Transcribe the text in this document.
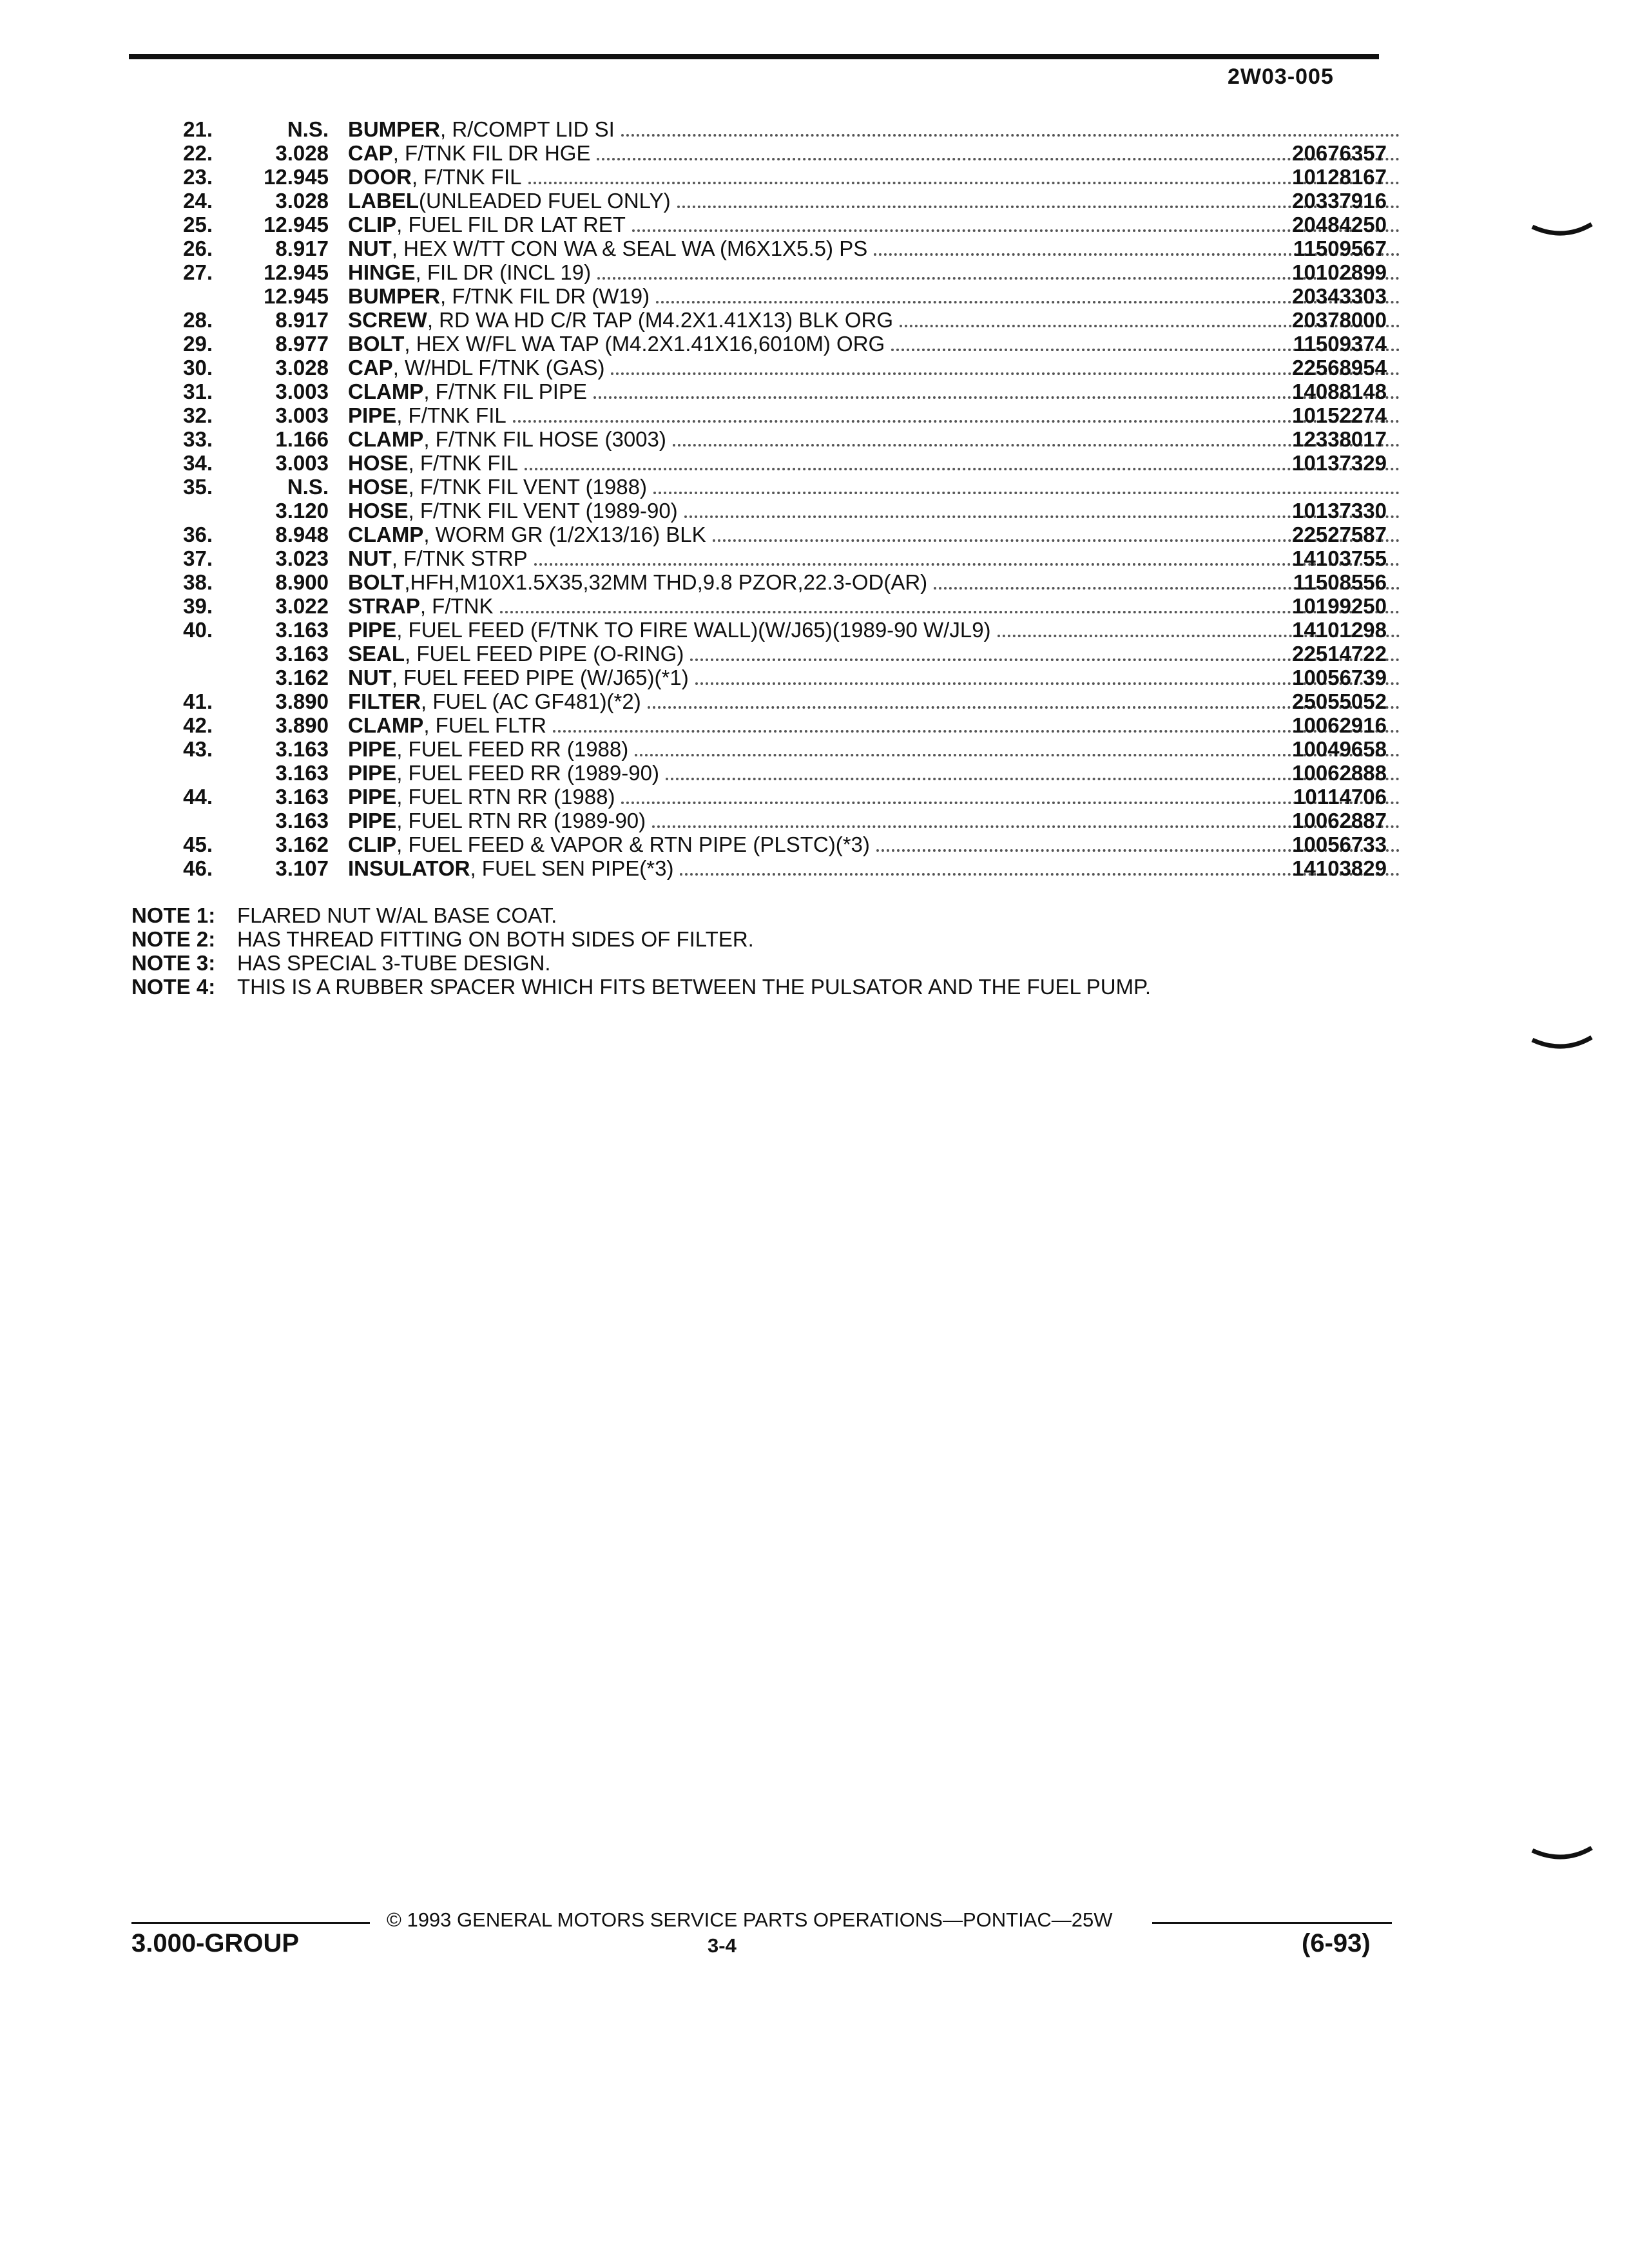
2W03-005
21.	N.S. BUMPER , R/COMPT LID SI
22.	3.028 CAP , F/TNK FIL DR HGE	20676357
23.	12.945 DOOR , F/TNK FIL	10128167
24.	3.028 LABEL (UNLEADED FUEL ONLY)	20337916
25.	12.945 CLIP , FUEL FIL DR LAT RET	20484250
26.	8.917 NUT , HEX W/TT CON WA & SEAL WA (M6X1X5.5) PS	11509567
27.	12.945 HINGE , FIL DR (INCL 19)	10102899
12.945 BUMPER , F/TNK FIL DR (W19)	20343303
28.	8.917 SCREW , RD WA HD C/R TAP (M4.2X1.41X13) BLK ORG	20378000
29.	8.977 BOLT , HEX W/FL WA TAP (M4.2X1.41X16,6010M) ORG	11509374
30.	3.028 CAP , W/HDL F/TNK (GAS)	22568954
31.	3.003 CLAMP , F/TNK FIL PIPE	14088148
32.	3.003 PIPE , F/TNK FIL	10152274
33.	1.166 CLAMP , F/TNK FIL HOSE (3003)	12338017
34.	3.003 HOSE , F/TNK FIL	10137329
35.	N.S. HOSE , F/TNK FIL VENT (1988)
3.120 HOSE , F/TNK FIL VENT (1989-90)	10137330
36.	8.948 CLAMP , WORM GR (1/2X13/16) BLK	22527587
37.	3.023 NUT , F/TNK STRP	14103755
38.	8.900 BOLT ,HFH,M10X1.5X35,32MM THD,9.8 PZOR,22.3-OD(AR)	11508556
39.	3.022 STRAP , F/TNK	10199250
40.	3.163 PIPE , FUEL FEED (F/TNK TO FIRE WALL)(W/J65)(1989-90 W/JL9)	14101298
3.163 SEAL , FUEL FEED PIPE (O-RING)	22514722
3.162 NUT , FUEL FEED PIPE (W/J65)(*1)	10056739
41.	3.890 FILTER , FUEL (AC GF481)(*2)	25055052
42.	3.890 CLAMP , FUEL FLTR	10062916
43.	3.163 PIPE , FUEL FEED RR (1988)	10049658
3.163 PIPE , FUEL FEED RR (1989-90)	10062888
44.	3.163 PIPE , FUEL RTN RR (1988)	10114706
3.163 PIPE , FUEL RTN RR (1989-90)	10062887
45.	3.162 CLIP , FUEL FEED & VAPOR & RTN PIPE (PLSTC)(*3)	10056733
46.	3.107 INSULATOR , FUEL SEN PIPE(*3)	14103829
NOTE 1: FLARED NUT W/AL BASE COAT.
NOTE 2: HAS THREAD FITTING ON BOTH SIDES OF FILTER.
NOTE 3: HAS SPECIAL 3-TUBE DESIGN.
NOTE 4: THIS IS A RUBBER SPACER WHICH FITS BETWEEN THE PULSATOR AND THE FUEL PUMP.
© 1993 GENERAL MOTORS SERVICE PARTS OPERATIONS—PONTIAC—25W
3.000-GROUP	3-4	(6-93)
